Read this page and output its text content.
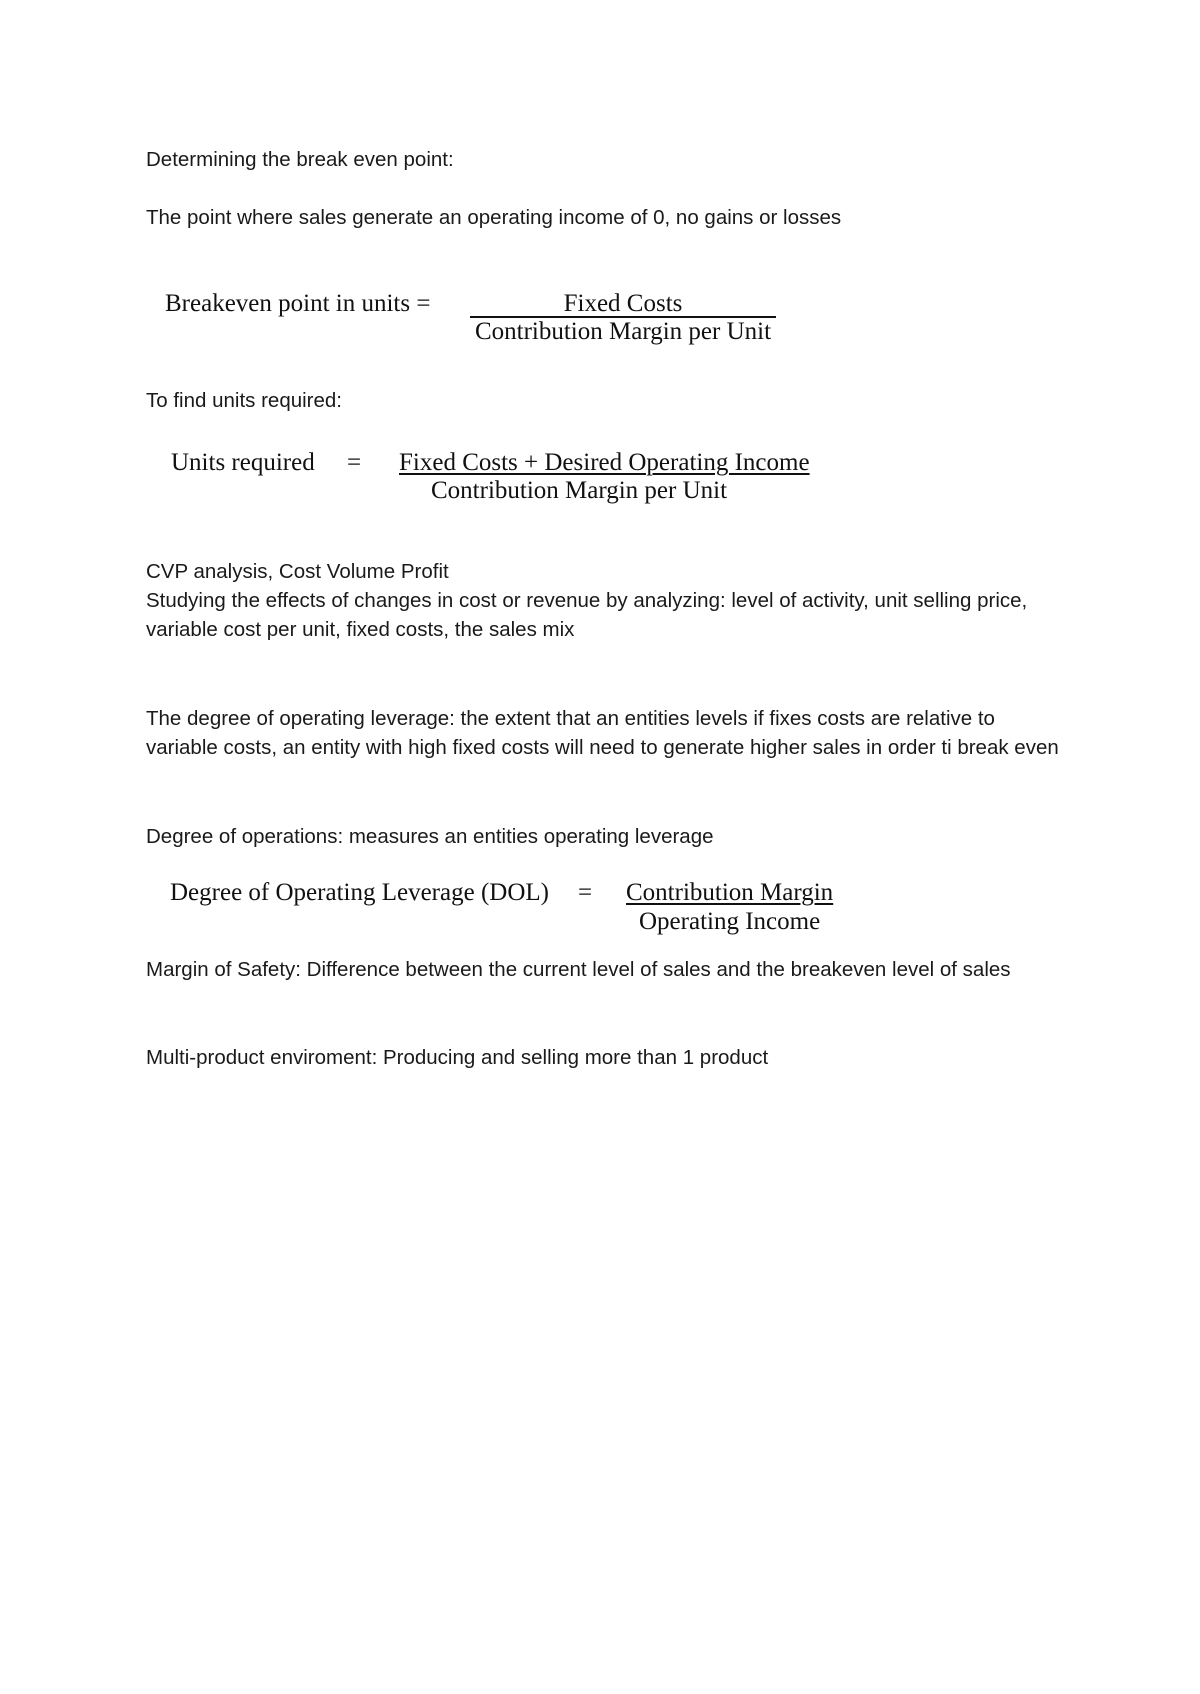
Determining the break even point:

The point where sales generate an operating income of 0, no gains or losses

Breakeven point in units =	Fixed Costs
Contribution Margin per Unit

To find units required:

Units required = Fixed Costs + Desired Operating Income
Contribution Margin per Unit

CVP analysis, Cost Volume Profit

Studying the effects of changes in cost or revenue by analyzing: level of activity, unit selling price, variable cost per unit, fixed costs, the sales mix

The degree of operating leverage: the extent that an entities levels if fixes costs are relative to variable costs, an entity with high fixed costs will need to generate higher sales in order ti break even

Degree of operations: measures an entities operating leverage

Degree of Operating Leverage (DOL) = Contribution Margin
Operating Income

Margin of Safety: Difference between the current level of sales and the breakeven level of sales

Multi-product enviroment: Producing and selling more than 1 product
